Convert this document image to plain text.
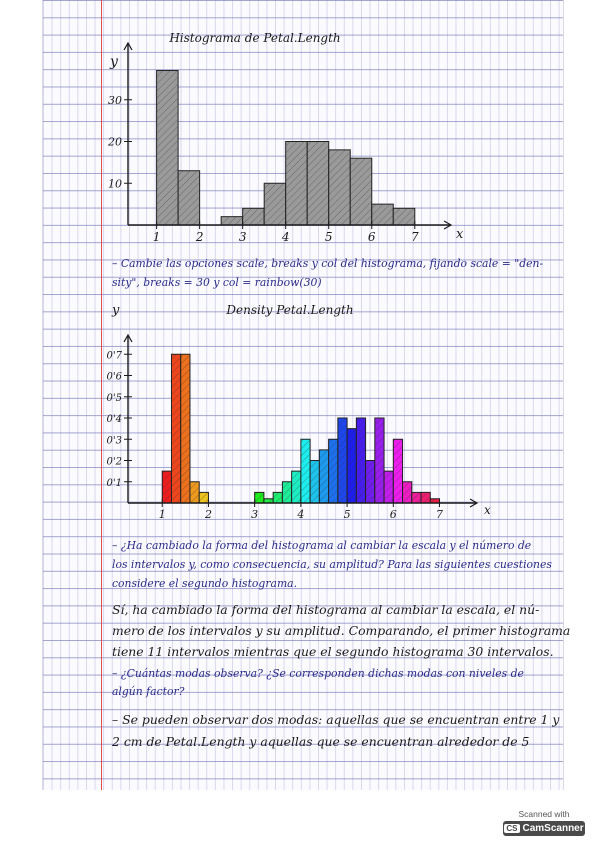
Histograma de Petal.Length
y
x
1	2	3	4	5	6	7
10
20
30

– Cambie las opciones scale, breaks y col del histograma, fijando scale = "den-

sity", breaks = 30 y col = rainbow(30)

Density Petal.Length
y
x
1	2	3	4	5	6	7
0'1
0'2
0'3
0'4
0'5
0'6
0'7

– ¿Ha cambiado la forma del histograma al cambiar la escala y el número de

los intervalos y, como consecuencia, su amplitud? Para las siguientes cuestiones

considere el segundo histograma.

Sí, ha cambiado la forma del histograma al cambiar la escala, el nú-

mero de los intervalos y su amplitud. Comparando, el primer histograma

tiene 11 intervalos mientras que el segundo histograma 30 intervalos.

– ¿Cuántas modas observa? ¿Se corresponden dichas modas con niveles de

algún factor?

– Se pueden observar dos modas: aquellas que se encuentran entre 1 y

2 cm de Petal.Length y aquellas que se encuentran alrededor de 5

Scanned with
CS CamScanner
